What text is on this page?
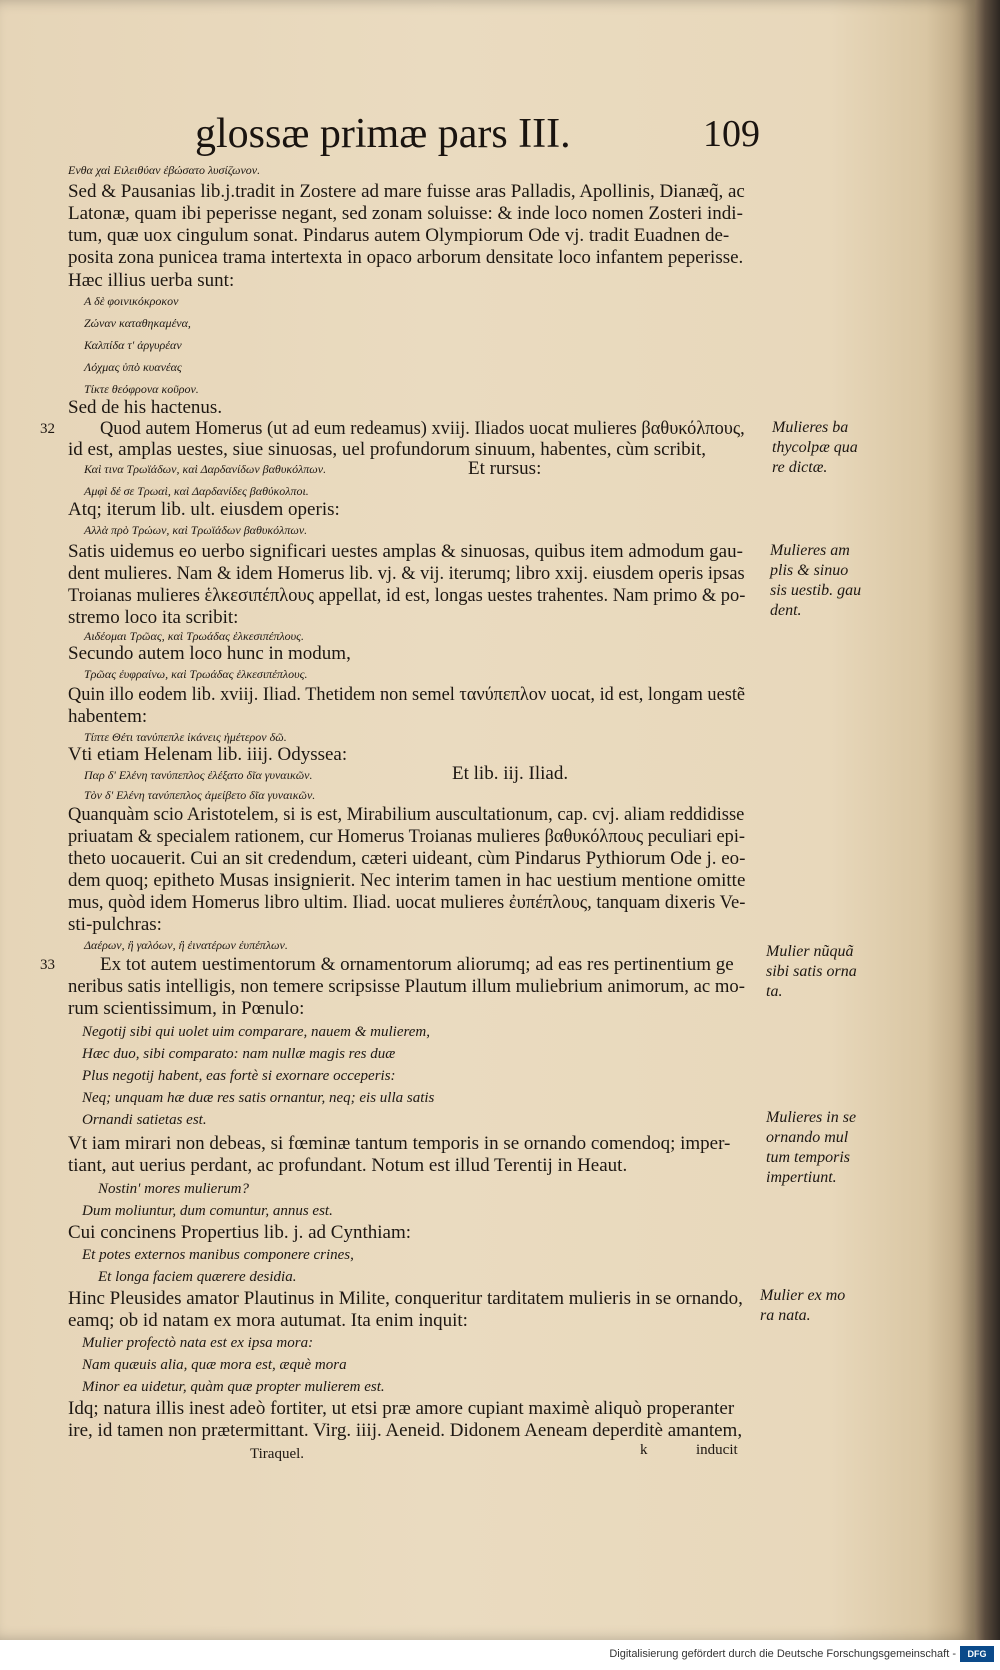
glossæ primæ pars III.	109
Ενθα χαὶ Ειλειθύαν ἐβώσατο λυσίζωνον.
Sed & Pausanias lib.j.tradit in Zostere ad mare fuisse aras Palladis, Apollinis, Dianæq̃, ac
Latonæ, quam ibi peperisse negant, sed zonam soluisse: & inde loco nomen Zosteri indi-
tum, quæ uox cingulum sonat. Pindarus autem Olympiorum Ode vj. tradit Euadnen de-
posita zona punicea trama intertexta in opaco arborum densitate loco infantem peperisse.
Hæc illius uerba sunt:
Α δὲ φοινικόκροκον
Ζώναν καταθηκαμένα,
Καλπίδα τ' ἀργυρέαν
Λόχμας ὑπὸ κυανέας
Τίκτε θεόφρονα κοῦρον.
Sed de his hactenus.
Quod autem Homerus (ut ad eum redeamus) xviij. Iliados uocat mulieres βαθυκόλπους,
id est, amplas uestes, siue sinuosas, uel profundorum sinuum, habentes, cùm scribit,
Καὶ τινα Τρωϊάδων, καὶ Δαρδανίδων βαθυκόλπων.	Et rursus:
Αμφὶ δέ σε Τρωαὶ, καὶ Δαρδανίδες βαθύκολποι.
Atq; iterum lib. ult. eiusdem operis:
Αλλὰ πρὸ Τρώων, καὶ Τρωϊάδων βαθυκόλπων.
Satis uidemus eo uerbo significari uestes amplas & sinuosas, quibus item admodum gau-
dent mulieres. Nam & idem Homerus lib. vj. & vij. iterumq; libro xxij. eiusdem operis ipsas
Troianas mulieres ἑλκεσιπέπλους appellat, id est, longas uestes trahentes. Nam primo & po-
stremo loco ita scribit:
Αιδέομαι Τρῶας, καὶ Τρωάδας ἑλκεσιπέπλους.
Secundo autem loco hunc in modum,
Τρῶας ἐυφραίνω, καὶ Τρωάδας ἑλκεσιπέπλους.
Quin illo eodem lib. xviij. Iliad. Thetidem non semel τανύπεπλον uocat, id est, longam uestẽ
habentem:
Τίπτε Θέτι τανύπεπλε ἱκάνεις ἡμέτερον δῶ.
Vti etiam Helenam lib. iiij. Odyssea:
Παρ δ' Ελένη τανύπεπλος ἐλέξατο δῖα γυναικῶν.	Et lib. iij. Iliad.
Τὸν δ' Ελένη τανύπεπλος ἀμείβετο δῖα γυναικῶν.
Quanquàm scio Aristotelem, si is est, Mirabilium auscultationum, cap. cvj. aliam reddidisse
priuatam & specialem rationem, cur Homerus Troianas mulieres βαθυκόλπους peculiari epi-
theto uocauerit. Cui an sit credendum, cæteri uideant, cùm Pindarus Pythiorum Ode j. eo-
dem quoq; epitheto Musas insignierit. Nec interim tamen in hac uestium mentione omitte
mus, quòd idem Homerus libro ultim. Iliad. uocat mulieres ἐυπέπλους, tanquam dixeris Ve-
sti-pulchras:
Δαέρων, ἢ γαλόων, ἢ ἐινατέρων ἐυπέπλων.
Ex tot autem uestimentorum & ornamentorum aliorumq; ad eas res pertinentium ge
neribus satis intelligis, non temere scripsisse Plautum illum muliebrium animorum, ac mo-
rum scientissimum, in Pœnulo:
Negotij sibi qui uolet uim comparare, nauem & mulierem,
Hæc duo, sibi comparato: nam nullæ magis res duæ
Plus negotij habent, eas fortè si exornare occeperis:
Neq; unquam hæ duæ res satis ornantur, neq; eis ulla satis
Ornandi satietas est.
Vt iam mirari non debeas, si fœminæ tantum temporis in se ornando comendoq; imper-
tiant, aut uerius perdant, ac profundant. Notum est illud Terentij in Heaut.
Nostin' mores mulierum?
Dum moliuntur, dum comuntur, annus est.
Cui concinens Propertius lib. j. ad Cynthiam:
Et potes externos manibus componere crines,
Et longa faciem quærere desidia.
Hinc Pleusides amator Plautinus in Milite, conqueritur tarditatem mulieris in se ornando,
eamq; ob id natam ex mora autumat. Ita enim inquit:
Mulier profectò nata est ex ipsa mora:
Nam quæuis alia, quæ mora est, æquè mora
Minor ea uidetur, quàm quæ propter mulierem est.
Idq; natura illis inest adeò fortiter, ut etsi præ amore cupiant maximè aliquò properanter
ire, id tamen non prætermittant. Virg. iiij. Aeneid. Didonem Aeneam deperditè amantem,
32
33
Mulieres ba
thycolpæ qua
re dictæ.
Mulieres am
plis & sinuo
sis uestib. gau
dent.
Mulier nũquã
sibi satis orna
ta.
Mulieres in se
ornando mul
tum temporis
impertiunt.
Mulier ex mo
ra nata.
Tiraquel.	k	inducit
Digitalisierung gefördert durch die Deutsche Forschungsgemeinschaft -	DFG
